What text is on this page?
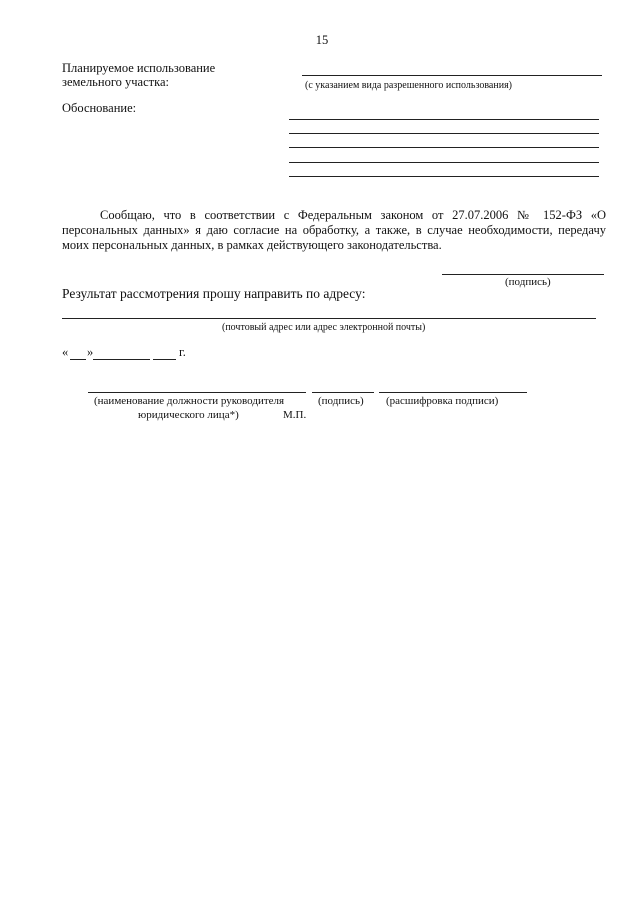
15
Планируемое использование
земельного участка:	(с указанием вида разрешенного использования)
Обоснование:
Сообщаю, что в соответствии с Федеральным законом от 27.07.2006 № 152-ФЗ «О персональных данных» я даю согласие на обработку, а также, в случае необходимости, передачу моих персональных данных, в рамках действующего законодательства.
(подпись)
Результат рассмотрения прошу направить по адресу:
(почтовый адрес или адрес электронной почты)
« »	г.
(наименование должности руководителя	(подпись) (расшифровка подписи)
юридического лица*)	М.П.
